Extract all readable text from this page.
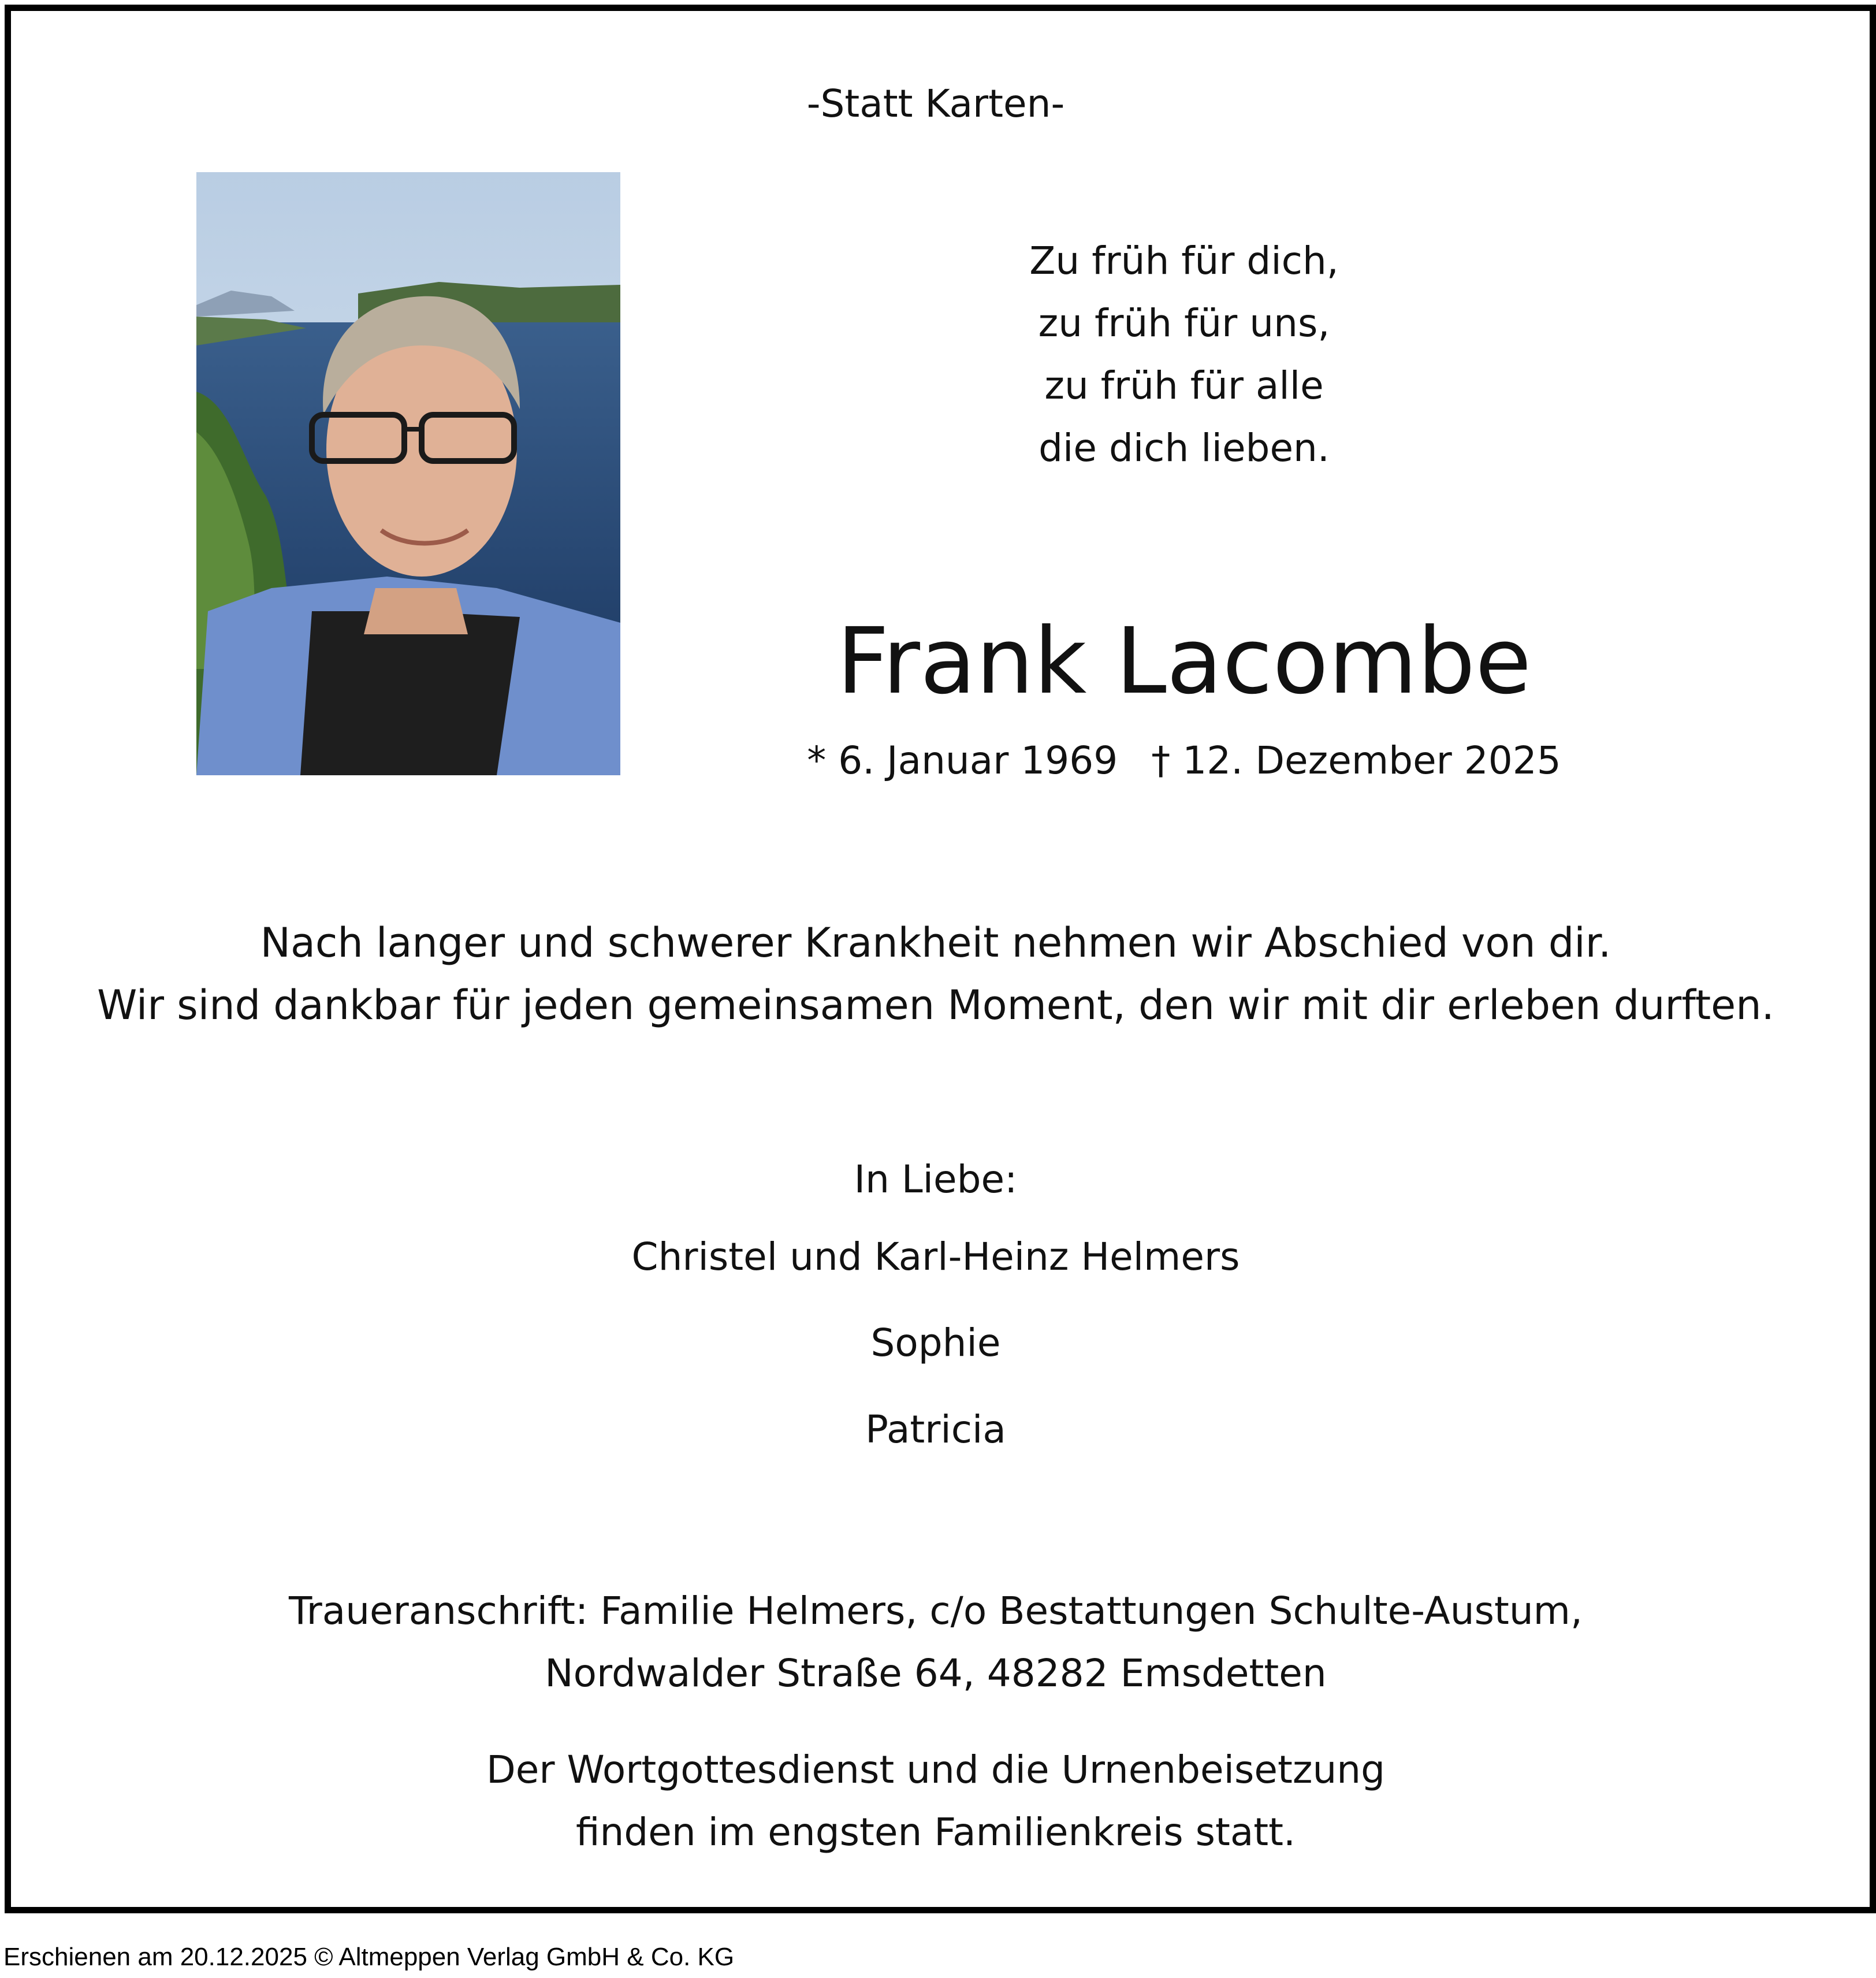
-Statt Karten-
Zu früh für dich,
zu früh für uns,
zu früh für alle
die dich lieben.
Frank Lacombe
* 6. Januar 1969 † 12. Dezember 2025
Nach langer und schwerer Krankheit nehmen wir Abschied von dir.
Wir sind dankbar für jeden gemeinsamen Moment, den wir mit dir erleben durften.
In Liebe:
Christel und Karl-Heinz Helmers
Sophie
Patricia
Traueranschrift: Familie Helmers, c/o Bestattungen Schulte-Austum,
Nordwalder Straße 64, 48282 Emsdetten
Der Wortgottesdienst und die Urnenbeisetzung
finden im engsten Familienkreis statt.
Erschienen am 20.12.2025 © Altmeppen Verlag GmbH & Co. KG
